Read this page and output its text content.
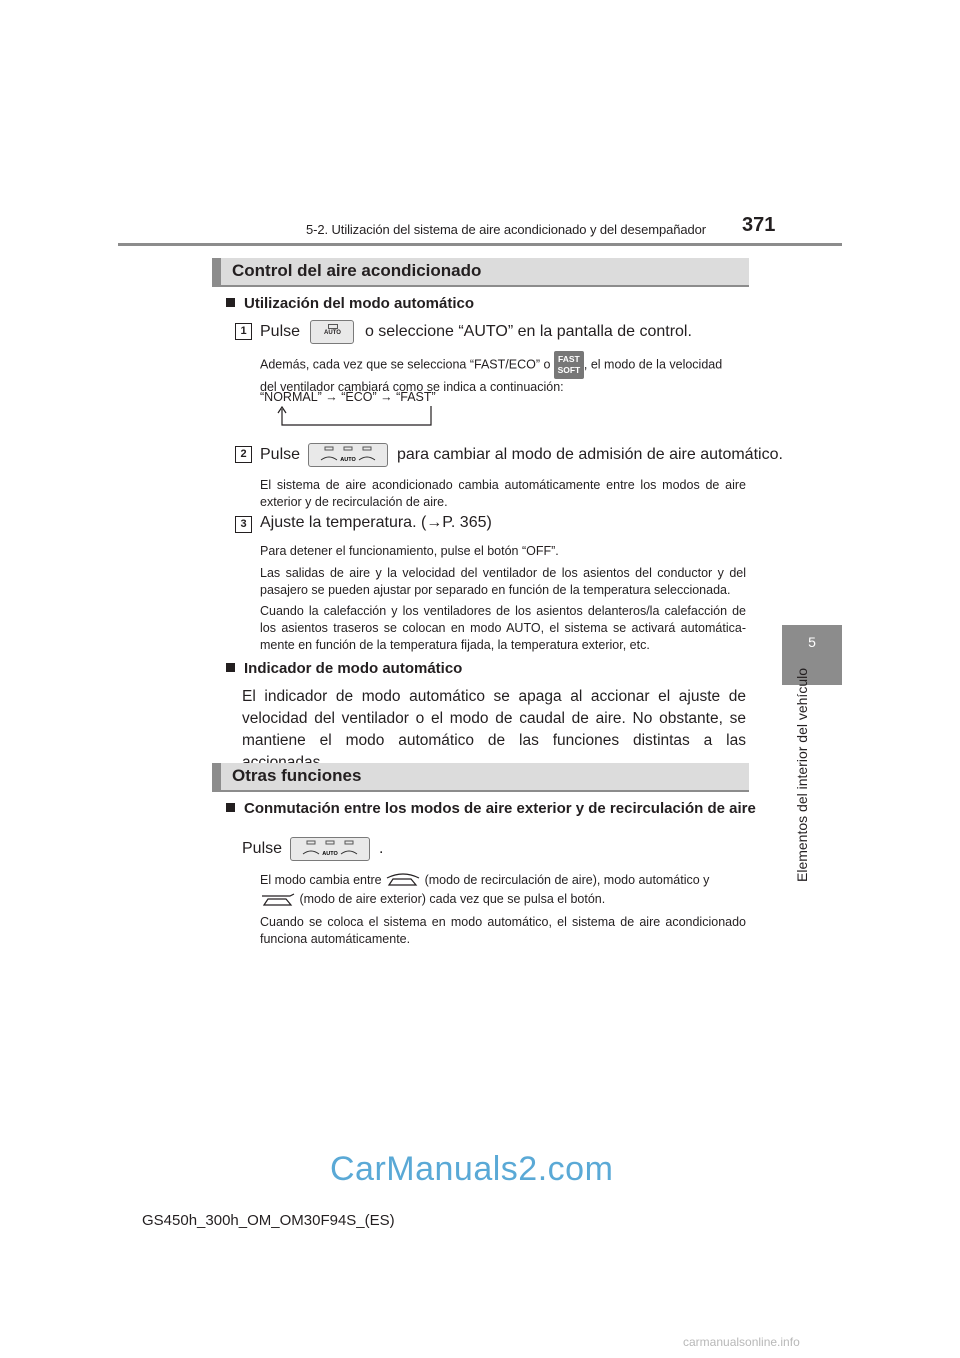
5-2. Utilización del sistema de aire acondicionado y del desempañador 371
5
Elementos del interior del vehículo
Control del aire acondicionado
Utilización del modo automático
1 Pulse	AUTO	o seleccione “AUTO” en la pantalla de control.
Además, cada vez que se selecciona “FAST/ECO” o FAST
SOFT , el modo de la velocidad
del ventilador cambiará como se indica a continuación:
“NORMAL” → “ECO” → “FAST”
2 Pulse	AUTO	para cambiar al modo de admisión de aire automático.
El sistema de aire acondicionado cambia automáticamente entre los modos de aire exterior y de recirculación de aire.
3 Ajuste la temperatura. (→P. 365)
Para detener el funcionamiento, pulse el botón “OFF”.
Las salidas de aire y la velocidad del ventilador de los asientos del conductor y del pasajero se pueden ajustar por separado en función de la temperatura seleccionada.
Cuando la calefacción y los ventiladores de los asientos delanteros/la calefacción de los asientos traseros se colocan en modo AUTO, el sistema se activará automática-mente en función de la temperatura fijada, la temperatura exterior, etc.
Indicador de modo automático
El indicador de modo automático se apaga al accionar el ajuste de velocidad del ventilador o el modo de caudal de aire. No obstante, se mantiene el modo automático de las funciones distintas a las
Otras funciones
Conmutación entre los modos de aire exterior y de recirculación de aire
Pulse	AUTO	.
El modo cambia entre	(modo de recirculación de aire), modo automático y
(modo de aire exterior) cada vez que se pulsa el botón.
Cuando se coloca el sistema en modo automático, el sistema de aire acondicionado funciona automáticamente.
CarManuals2.com
GS450h_300h_OM_OM30F94S_(ES)
carmanualsonline.info
